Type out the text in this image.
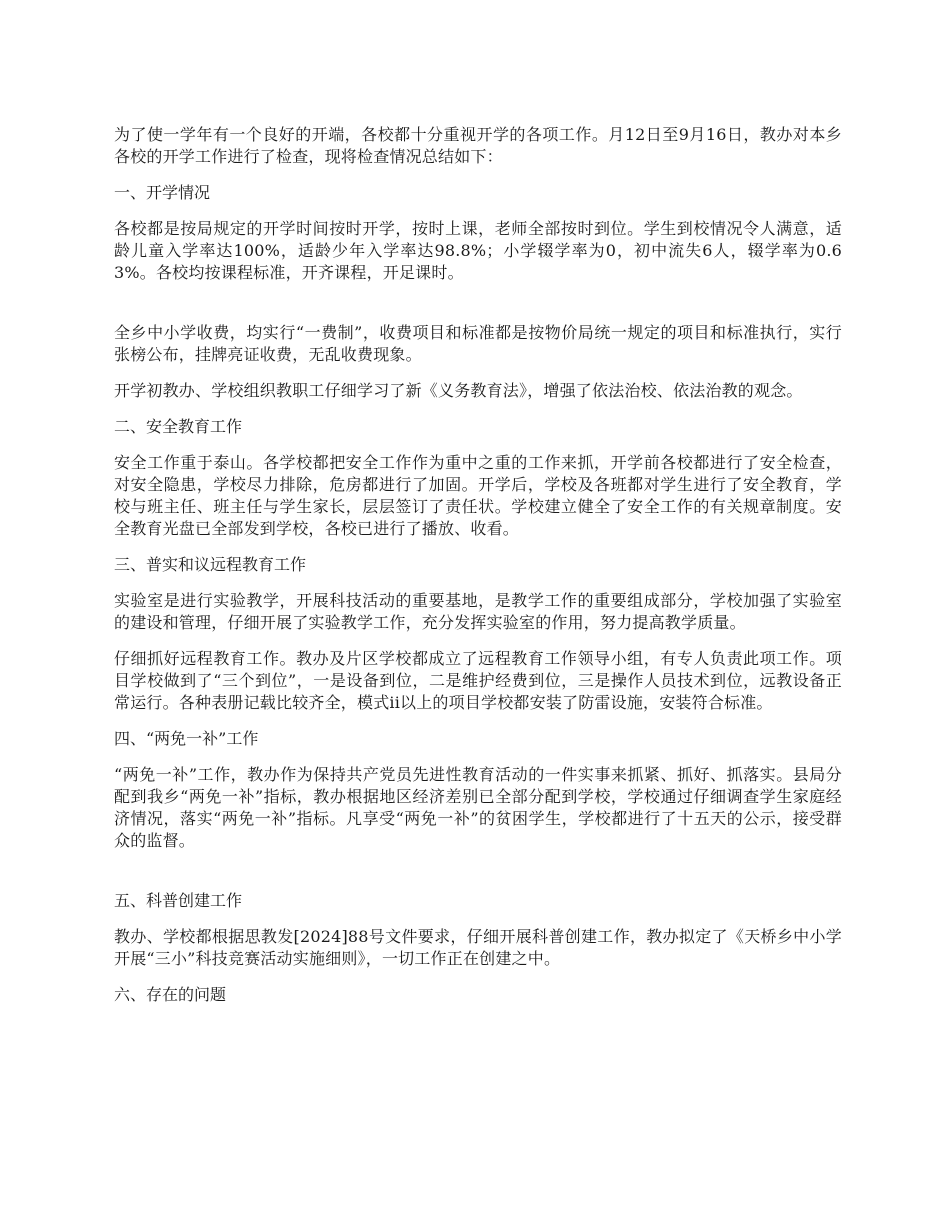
为了使一学年有一个良好的开端，各校都十分重视开学的各项工作。月12日至9月16日，教办对本乡各校的开学工作进行了检查，现将检查情况总结如下：

一、开学情况

各校都是按局规定的开学时间按时开学，按时上课，老师全部按时到位。学生到校情况令人满意，适龄儿童入学率达100%，适龄少年入学率达98.8%；小学辍学率为0，初中流失6人，辍学率为0.63%。各校均按课程标准，开齐课程，开足课时。

全乡中小学收费，均实行“一费制”，收费项目和标准都是按物价局统一规定的项目和标准执行，实行张榜公布，挂牌亮证收费，无乱收费现象。

开学初教办、学校组织教职工仔细学习了新《义务教育法》，增强了依法治校、依法治教的观念。

二、安全教育工作

安全工作重于泰山。各学校都把安全工作作为重中之重的工作来抓，开学前各校都进行了安全检查，对安全隐患，学校尽力排除，危房都进行了加固。开学后，学校及各班都对学生进行了安全教育，学校与班主任、班主任与学生家长，层层签订了责任状。学校建立健全了安全工作的有关规章制度。安全教育光盘已全部发到学校，各校已进行了播放、收看。

三、普实和议远程教育工作

实验室是进行实验教学，开展科技活动的重要基地，是教学工作的重要组成部分，学校加强了实验室的建设和管理，仔细开展了实验教学工作，充分发挥实验室的作用，努力提高教学质量。

仔细抓好远程教育工作。教办及片区学校都成立了远程教育工作领导小组，有专人负责此项工作。项目学校做到了“三个到位”，一是设备到位，二是维护经费到位，三是操作人员技术到位，远教设备正常运行。各种表册记载比较齐全，模式ii以上的项目学校都安装了防雷设施，安装符合标准。

四、“两免一补”工作

“两免一补”工作，教办作为保持共产党员先进性教育活动的一件实事来抓紧、抓好、抓落实。县局分配到我乡“两免一补”指标，教办根据地区经济差别已全部分配到学校，学校通过仔细调查学生家庭经济情况，落实“两免一补”指标。凡享受“两免一补”的贫困学生，学校都进行了十五天的公示，接受群众的监督。

五、科普创建工作

教办、学校都根据思教发[2024]88号文件要求，仔细开展科普创建工作，教办拟定了《天桥乡中小学开展“三小”科技竞赛活动实施细则》，一切工作正在创建之中。

六、存在的问题
